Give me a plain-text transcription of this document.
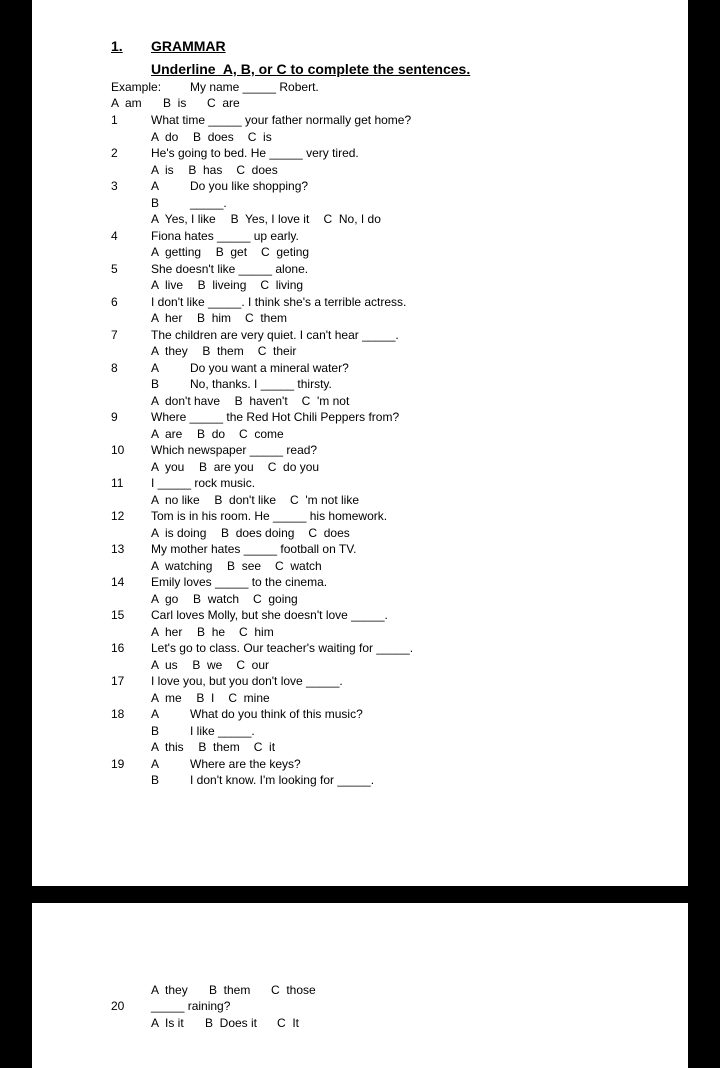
1. GRAMMAR
Underline  A, B, or C to complete the sentences.
Example: My name _____ Robert.
A  am B  is C  are
1	What time _____ your father normally get home?
A  do B  does C  is
2	He's going to bed. He _____ very tired.
A  is B  has C  does
3	A	Do you like shopping?
B	_____.
A  Yes, I like B  Yes, I love it C  No, I do
4	Fiona hates _____ up early.
A  getting B  get C  geting
5	She doesn't like _____ alone.
A  live B  liveing C  living
6	I don't like _____. I think she's a terrible actress.
A  her B  him C  them
7	The children are very quiet. I can't hear _____.
A  they B  them C  their
8	A	Do you want a mineral water?
B	No, thanks. I _____ thirsty.
A  don't have B  haven't C  'm not
9	Where _____ the Red Hot Chili Peppers from?
A  are B  do C  come
10 Which newspaper _____ read?
A  you B  are you C  do you
11 I _____ rock music.
A  no like B  don't like C  'm not like
12 Tom is in his room. He _____ his homework.
A  is doing B  does doing C  does
13 My mother hates _____ football on TV.
A  watching B  see C  watch
14 Emily loves _____ to the cinema.
A  go B  watch C  going
15 Carl loves Molly, but she doesn't love _____.
A  her B  he C  him
16 Let's go to class. Our teacher's waiting for _____.
A  us B  we C  our
17 I love you, but you don't love _____.
A  me B  I C  mine
18 A	What do you think of this music?
B	I like _____.
A  this B  them C  it
19 A	Where are the keys?
B	I don't know. I'm looking for _____.
A  they B  them C  those
20 _____ raining?
A  Is it B  Does it C  It
